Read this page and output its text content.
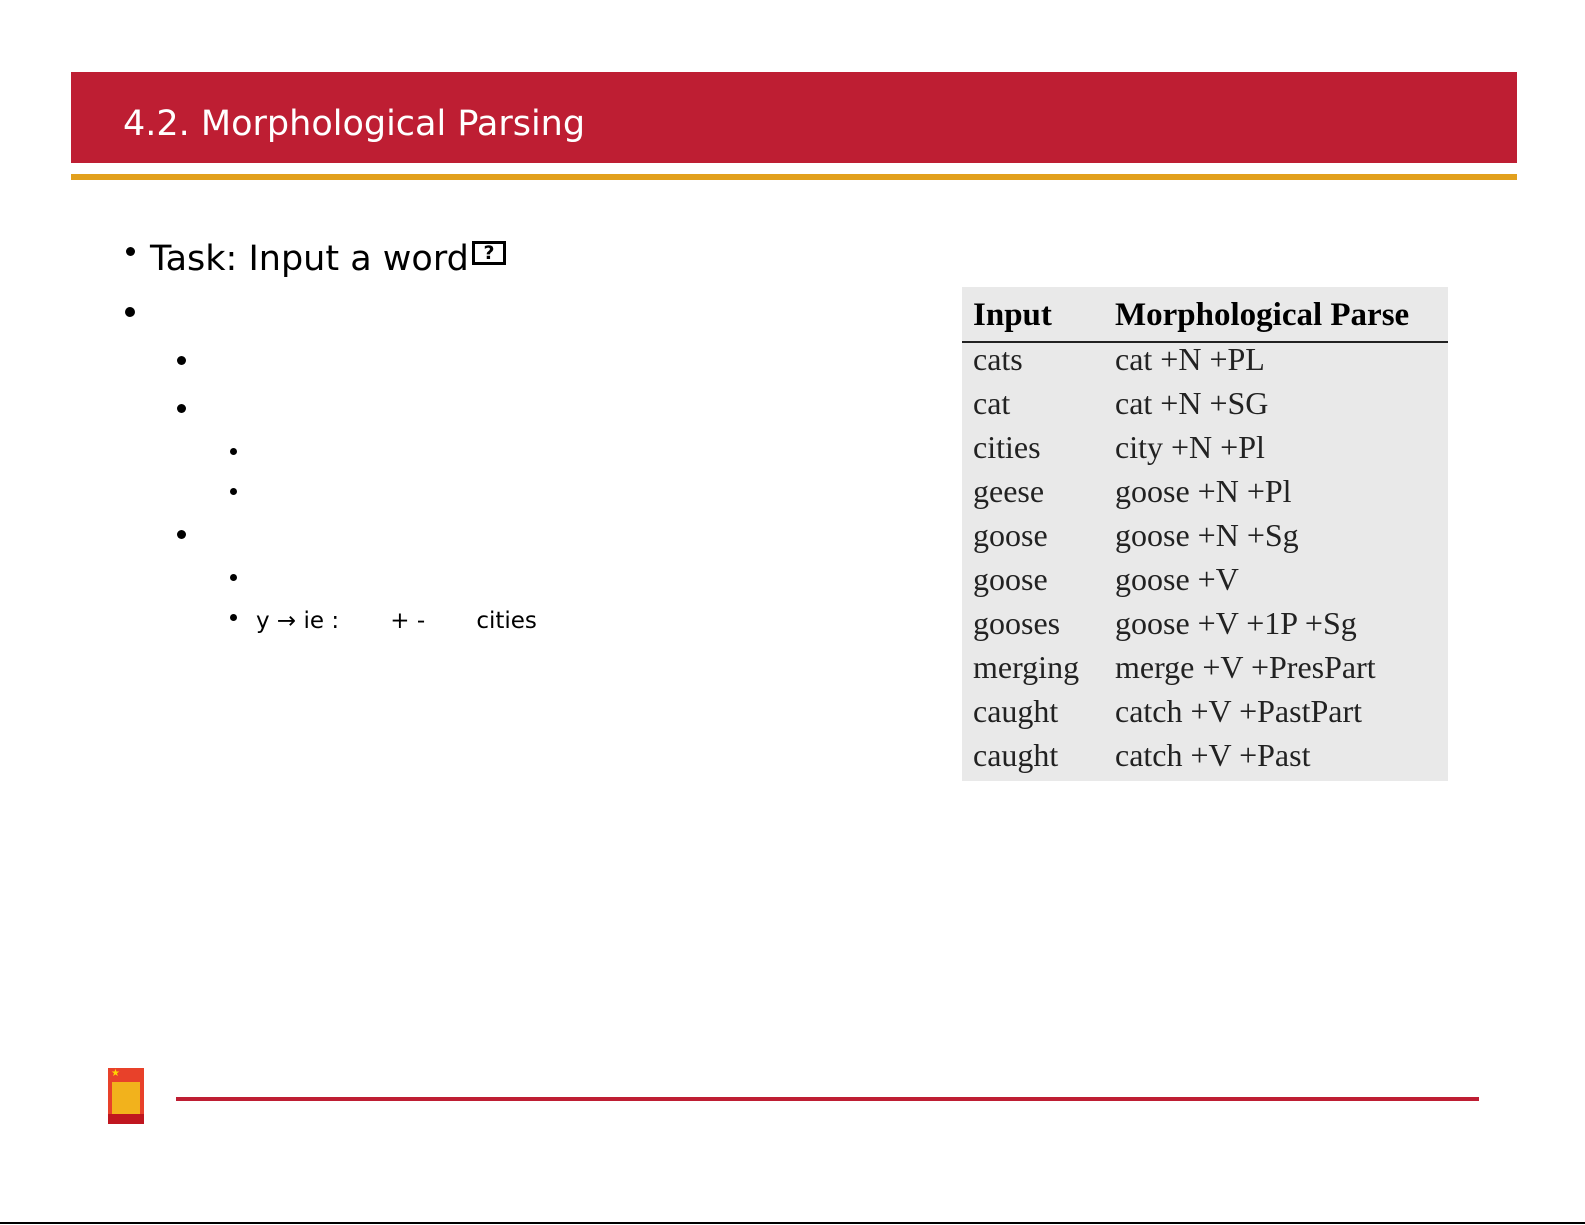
4.2. Morphological Parsing
Task: Input a word ?
y → ie :       + -       cities
Input Morphological Parse
cats	cat +N +PL
cat	cat +N +SG
cities city +N +Pl
geese goose +N +Pl
goose goose +N +Sg
goose goose +V
gooses goose +V +1P +Sg
merging merge +V +PresPart
caught catch +V +PastPart
caught catch +V +Past
★
